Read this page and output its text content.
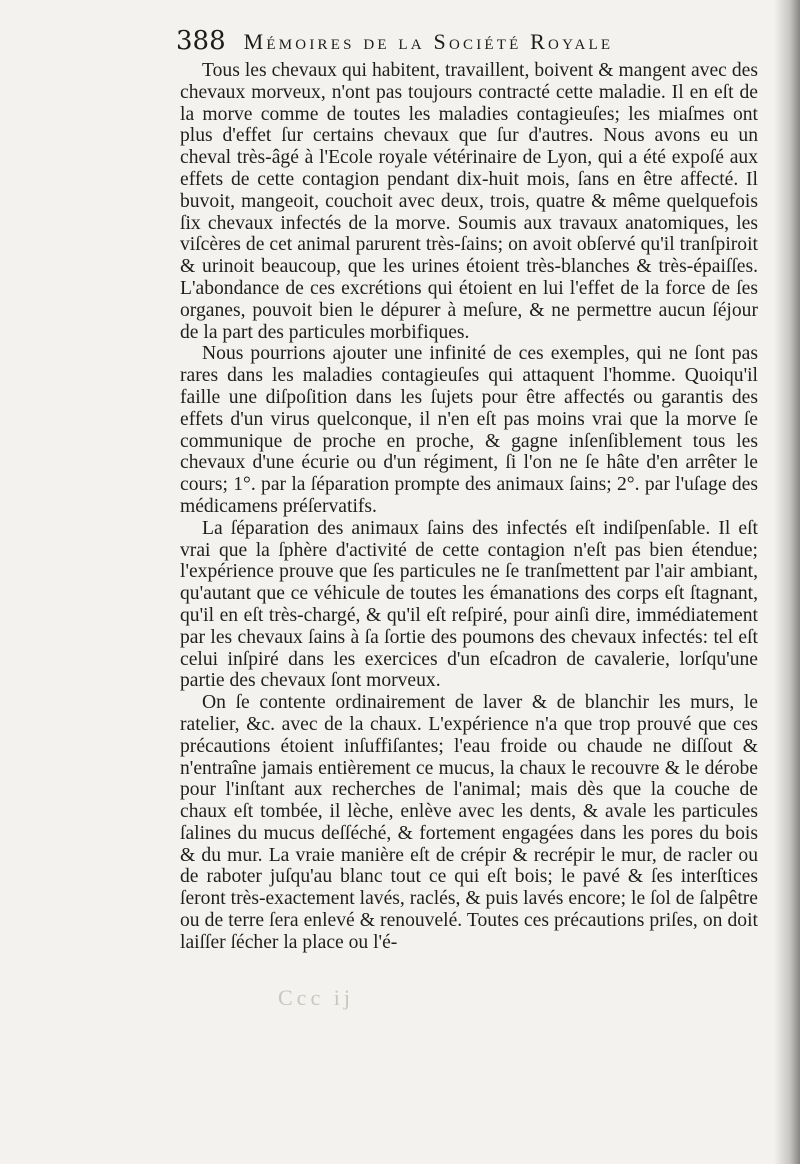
388 Mémoires de la Société Royale

Tous les chevaux qui habitent, travaillent, boivent & mangent avec des chevaux morveux, n'ont pas toujours contracté cette maladie. Il en eſt de la morve comme de toutes les maladies contagieuſes; les miaſmes ont plus d'effet ſur certains chevaux que ſur d'autres. Nous avons eu un cheval très-âgé à l'Ecole royale vétérinaire de Lyon, qui a été expoſé aux effets de cette contagion pendant dix-huit mois, ſans en être affecté. Il buvoit, mangeoit, couchoit avec deux, trois, quatre & même quelquefois ſix chevaux infectés de la morve. Soumis aux travaux anatomiques, les viſcères de cet animal parurent très-ſains; on avoit obſervé qu'il tranſpiroit & urinoit beaucoup, que les urines étoient très-blanches & très-épaiſſes. L'abondance de ces excrétions qui étoient en lui l'effet de la force de ſes organes, pouvoit bien le dépurer à meſure, & ne permettre aucun ſéjour de la part des particules morbifiques.

Nous pourrions ajouter une infinité de ces exemples, qui ne ſont pas rares dans les maladies contagieuſes qui attaquent l'homme. Quoiqu'il faille une diſpoſition dans les ſujets pour être affectés ou garantis des effets d'un virus quelconque, il n'en eſt pas moins vrai que la morve ſe communique de proche en proche, & gagne inſenſiblement tous les chevaux d'une écurie ou d'un régiment, ſi l'on ne ſe hâte d'en arrêter le cours; 1°. par la ſéparation prompte des animaux ſains; 2°. par l'uſage des médicamens préſervatifs.

La ſéparation des animaux ſains des infectés eſt indiſpenſable. Il eſt vrai que la ſphère d'activité de cette contagion n'eſt pas bien étendue; l'expérience prouve que ſes particules ne ſe tranſmettent par l'air ambiant, qu'autant que ce véhicule de toutes les émanations des corps eſt ſtagnant, qu'il en eſt très-chargé, & qu'il eſt reſpiré, pour ainſi dire, immédiatement par les chevaux ſains à ſa ſortie des poumons des chevaux infectés: tel eſt celui inſpiré dans les exercices d'un eſcadron de cavalerie, lorſqu'une partie des chevaux ſont morveux.

On ſe contente ordinairement de laver & de blanchir les murs, le ratelier, &c. avec de la chaux. L'expérience n'a que trop prouvé que ces précautions étoient inſuffiſantes; l'eau froide ou chaude ne diſſout & n'entraîne jamais entièrement ce mucus, la chaux le recouvre & le dérobe pour l'inſtant aux recherches de l'animal; mais dès que la couche de chaux eſt tombée, il lèche, enlève avec les dents, & avale les particules ſalines du mucus deſſéché, & fortement engagées dans les pores du bois & du mur. La vraie manière eſt de crépir & recrépir le mur, de racler ou de raboter juſqu'au blanc tout ce qui eſt bois; le pavé & ſes interſtices ſeront très-exactement lavés, raclés, & puis lavés encore; le ſol de ſalpêtre ou de terre ſera enlevé & renouvelé. Toutes ces précautions priſes, on doit laiſſer ſécher la place ou l'é-

Ccc ij
